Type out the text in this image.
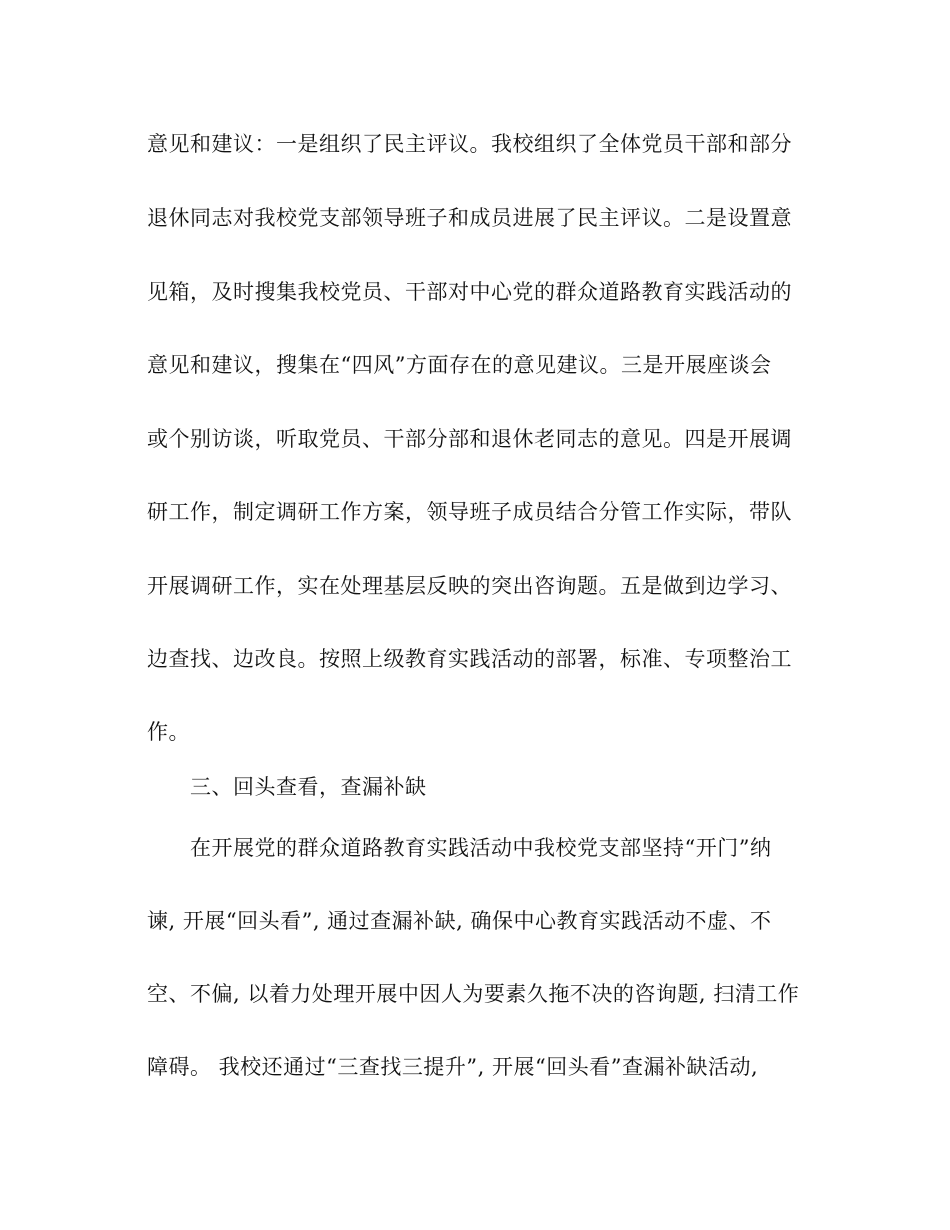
意见和建议：一是组织了民主评议。我校组织了全体党员干部和部分
退休同志对我校党支部领导班子和成员进展了民主评议。二是设置意
见箱，及时搜集我校党员、干部对中心党的群众道路教育实践活动的
意见和建议，搜集在“四风”方面存在的意见建议。三是开展座谈会
或个别访谈，听取党员、干部分部和退休老同志的意见。四是开展调
研工作，制定调研工作方案，领导班子成员结合分管工作实际，带队
开展调研工作，实在处理基层反映的突出咨询题。五是做到边学习、
边查找、边改良。按照上级教育实践活动的部署，标准、专项整治工
作。
三、回头查看，查漏补缺
在开展党的群众道路教育实践活动中我校党支部坚持“开门”纳
谏, 开展“回头看”, 通过查漏补缺, 确保中心教育实践活动不虚、不
空、不偏, 以着力处理开展中因人为要素久拖不决的咨询题, 扫清工作
障碍。 我校还通过“三查找三提升”, 开展“回头看”查漏补缺活动,
